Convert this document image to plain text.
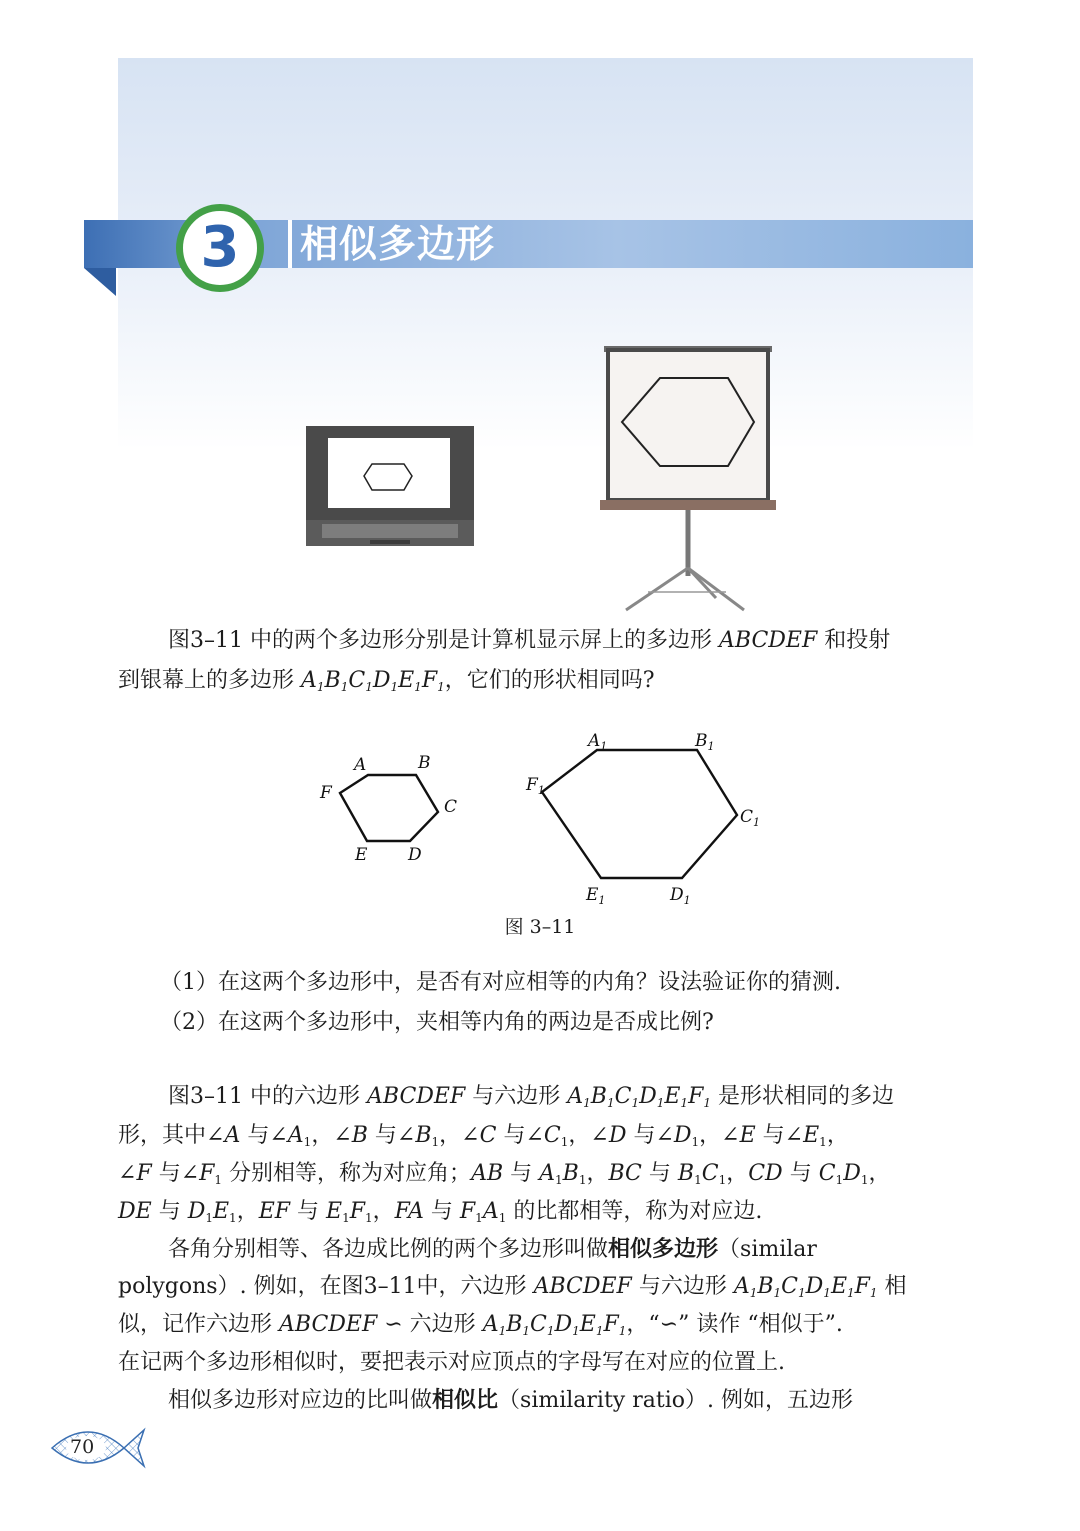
3 相似多边形

图3–11 中的两个多边形分别是计算机显示屏上的多边形 ABCDEF 和投射

到银幕上的多边形 $A_1B_1C_1D_1E_1F_1$，它们的形状相同吗?

A	B
C
D
E
F
$A_1$	$B_1$
$C_1$
$D_1$
$E_1$
$F_1$
图 3–11

（1）在这两个多边形中，是否有对应相等的内角？设法验证你的猜测.

（2）在这两个多边形中，夹相等内角的两边是否成比例?

图3–11 中的六边形 ABCDEF 与六边形 $A_1B_1C_1D_1E_1F_1$ 是形状相同的多边

形，其中∠A 与$\angle A_1$，∠B 与$\angle B_1$，∠C 与$\angle C_1$，∠D 与$\angle D_1$，∠E 与$\angle E_1$，

∠F 与$\angle F_1$ 分别相等，称为对应角；AB 与 $A_1B_1$，BC 与 $B_1C_1$，CD 与 $C_1D_1$，

DE 与 $D_1E_1$，EF 与 $E_1F_1$，FA 与 $F_1A_1$ 的比都相等，称为对应边.

各角分别相等、各边成比例的两个多边形叫做相似多边形（similar

polygons）. 例如，在图3–11中，六边形 ABCDEF 与六边形 $A_1B_1C_1D_1E_1F_1$ 相

似，记作六边形 ABCDEF ∽ 六边形 $A_1B_1C_1D_1E_1F_1$，“∽” 读作 “相似于”.

在记两个多边形相似时，要把表示对应顶点的字母写在对应的位置上.

相似多边形对应边的比叫做相似比（similarity ratio）. 例如，五边形

70
